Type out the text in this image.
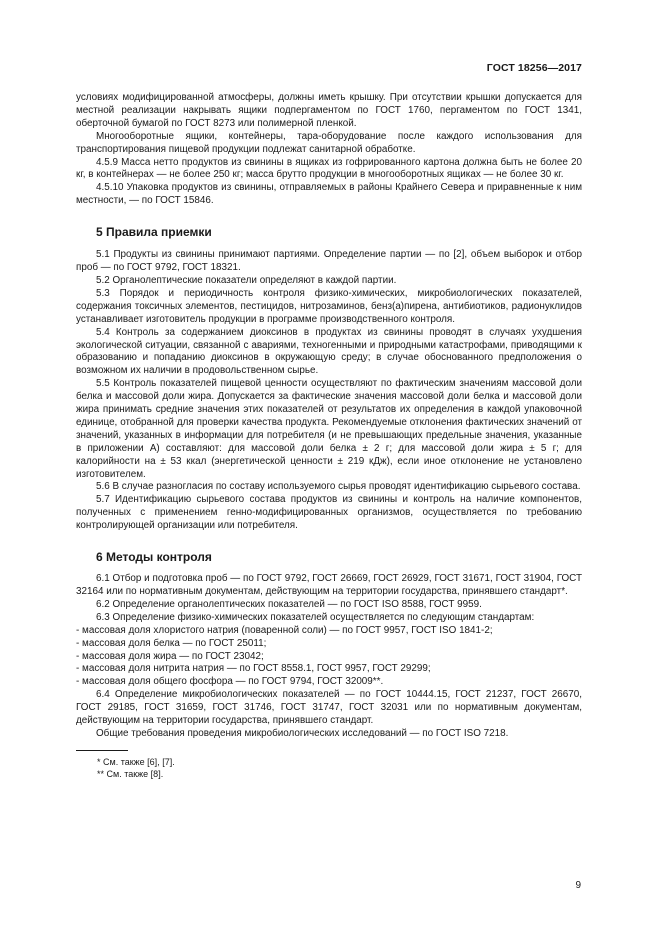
ГОСТ 18256—2017

условиях модифицированной атмосферы, должны иметь крышку. При отсутствии крышки допускается для местной реализации накрывать ящики подпергаментом по ГОСТ 1760, пергаментом по ГОСТ 1341, оберточной бумагой по ГОСТ 8273 или полимерной пленкой.

Многооборотные ящики, контейнеры, тара-оборудование после каждого использования для транспортирования пищевой продукции подлежат санитарной обработке.

4.5.9 Масса нетто продуктов из свинины в ящиках из гофрированного картона должна быть не более 20 кг, в контейнерах — не более 250 кг; масса брутто продукции в многооборотных ящиках — не более 30 кг.

4.5.10 Упаковка продуктов из свинины, отправляемых в районы Крайнего Севера и приравненные к ним местности, — по ГОСТ 15846.

5 Правила приемки

5.1 Продукты из свинины принимают партиями. Определение партии — по [2], объем выборок и отбор проб — по ГОСТ 9792, ГОСТ 18321.

5.2 Органолептические показатели определяют в каждой партии.

5.3 Порядок и периодичность контроля физико-химических, микробиологических показателей, содержания токсичных элементов, пестицидов, нитрозаминов, бенз(а)пирена, антибиотиков, радионуклидов устанавливает изготовитель продукции в программе производственного контроля.

5.4 Контроль за содержанием диоксинов в продуктах из свинины проводят в случаях ухудшения экологической ситуации, связанной с авариями, техногенными и природными катастрофами, приводящими к образованию и попаданию диоксинов в окружающую среду; в случае обоснованного предположения о возможном их наличии в продовольственном сырье.

5.5 Контроль показателей пищевой ценности осуществляют по фактическим значениям массовой доли белка и массовой доли жира. Допускается за фактические значения массовой доли белка и массовой доли жира принимать средние значения этих показателей от результатов их определения в каждой упаковочной единице, отобранной для проверки качества продукта. Рекомендуемые отклонения фактических значений от значений, указанных в информации для потребителя (и не превышающих предельные значения, указанные в приложении А) составляют: для массовой доли белка ± 2 г; для массовой доли жира ± 5 г; для калорийности на ± 53 ккал (энергетической ценности ± 219 кДж), если иное отклонение не установлено изготовителем.

5.6 В случае разногласия по составу используемого сырья проводят идентификацию сырьевого состава.

5.7 Идентификацию сырьевого состава продуктов из свинины и контроль на наличие компонентов, полученных с применением генно-модифицированных организмов, осуществляется по требованию контролирующей организации или потребителя.

6 Методы контроля

6.1 Отбор и подготовка проб — по ГОСТ 9792, ГОСТ 26669, ГОСТ 26929, ГОСТ 31671, ГОСТ 31904, ГОСТ 32164 или по нормативным документам, действующим на территории государства, принявшего стандарт*.

6.2 Определение органолептических показателей — по ГОСТ ISO 8588, ГОСТ 9959.

6.3 Определение физико-химических показателей осуществляется по следующим стандартам:

- массовая доля хлористого натрия (поваренной соли) — по ГОСТ 9957, ГОСТ ISO 1841-2;

- массовая доля белка — по ГОСТ 25011;

- массовая доля жира — по ГОСТ 23042;

- массовая доля нитрита натрия — по ГОСТ 8558.1, ГОСТ 9957, ГОСТ 29299;

- массовая доля общего фосфора — по ГОСТ 9794, ГОСТ 32009**.

6.4 Определение микробиологических показателей — по ГОСТ 10444.15, ГОСТ 21237, ГОСТ 26670, ГОСТ 29185, ГОСТ 31659, ГОСТ 31746, ГОСТ 31747, ГОСТ 32031 или по нормативным документам, действующим на территории государства, принявшего стандарт.

Общие требования проведения микробиологических исследований — по ГОСТ ISO 7218.

* См. также [6], [7].

** См. также [8].

9
